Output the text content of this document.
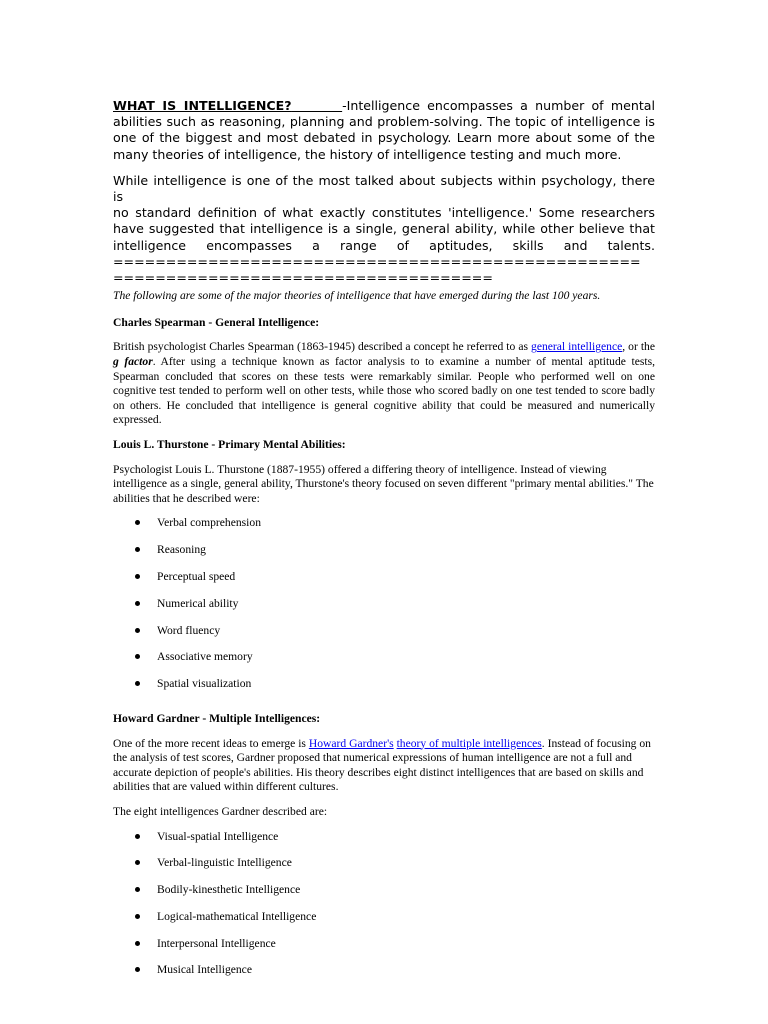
WHAT IS INTELLIGENCE?	-Intelligence encompasses a number of mental abilities such as reasoning, planning and problem-solving. The topic of intelligence is one of the biggest and most debated in psychology. Learn more about some of the many theories of intelligence, the history of intelligence testing and much more.

While intelligence is one of the most talked about subjects within psychology, there is
no standard definition of what exactly constitutes 'intelligence.' Some researchers
have suggested that intelligence is a single, general ability, while other believe that
intelligence encompasses a range of aptitudes, skills and talents.
==================================================
====================================
The following are some of the major theories of intelligence that have emerged during the last 100 years.
Charles Spearman - General Intelligence:

British psychologist Charles Spearman (1863-1945) described a concept he referred to as general intelligence, or the g factor. After using a technique known as factor analysis to to examine a number of mental aptitude tests, Spearman concluded that scores on these tests were remarkably similar. People who performed well on one cognitive test tended to perform well on other tests, while those who scored badly on one test tended to score badly on others. He concluded that intelligence is general cognitive ability that could be measured and numerically expressed.

Louis L. Thurstone - Primary Mental Abilities:

Psychologist Louis L. Thurstone (1887-1955) offered a differing theory of intelligence. Instead of viewing intelligence as a single, general ability, Thurstone's theory focused on seven different "primary mental abilities." The abilities that he described were:

Verbal comprehension
Reasoning
Perceptual speed
Numerical ability
Word fluency
Associative memory
Spatial visualization
Howard Gardner - Multiple Intelligences:

One of the more recent ideas to emerge is Howard Gardner's theory of multiple intelligences. Instead of focusing on the analysis of test scores, Gardner proposed that numerical expressions of human intelligence are not a full and accurate depiction of people's abilities. His theory describes eight distinct intelligences that are based on skills and abilities that are valued within different cultures.

The eight intelligences Gardner described are:

Visual-spatial Intelligence
Verbal-linguistic Intelligence
Bodily-kinesthetic Intelligence
Logical-mathematical Intelligence
Interpersonal Intelligence
Musical Intelligence
